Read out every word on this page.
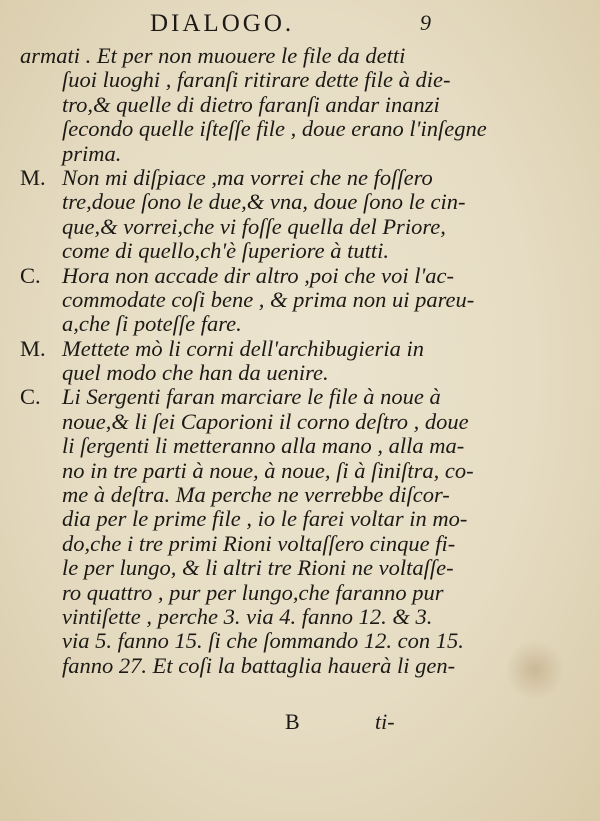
DIALOGO.	9
armati . Et per non muouere le file da detti
ſuoi luoghi , faranſi ritirare dette file à die-
tro,& quelle di dietro faranſi andar inanzi
ſecondo quelle iſteſſe file , doue erano l'inſegne
prima.
M. Non mi diſpiace ,ma vorrei che ne foſſero
tre,doue ſono le due,& vna, doue ſono le cin-
que,& vorrei,che vi foſſe quella del Priore,
come di quello,ch'è ſuperiore à tutti.
C. Hora non accade dir altro ,poi che voi l'ac-
commodate coſi bene , & prima non ui pareu-
a,che ſi poteſſe fare.
M. Mettete mò li corni dell'archibugieria in
quel modo che han da uenire.
C. Li Sergenti faran marciare le file à noue à
noue,& li ſei Caporioni il corno deſtro , doue
li ſergenti li metteranno alla mano , alla ma-
no in tre parti à noue, à noue, ſi à ſiniſtra, co-
me à deſtra. Ma perche ne verrebbe diſcor-
dia per le prime file , io le farei voltar in mo-
do,che i tre primi Rioni voltaſſero cinque fi-
le per lungo, & li altri tre Rioni ne voltaſſe-
ro quattro , pur per lungo,che faranno pur
vintiſette , perche 3. via 4. fanno 12. & 3.
via 5. fanno 15. ſi che ſommando 12. con 15.
fanno 27. Et coſi la battaglia hauerà li gen-
B	ti-
